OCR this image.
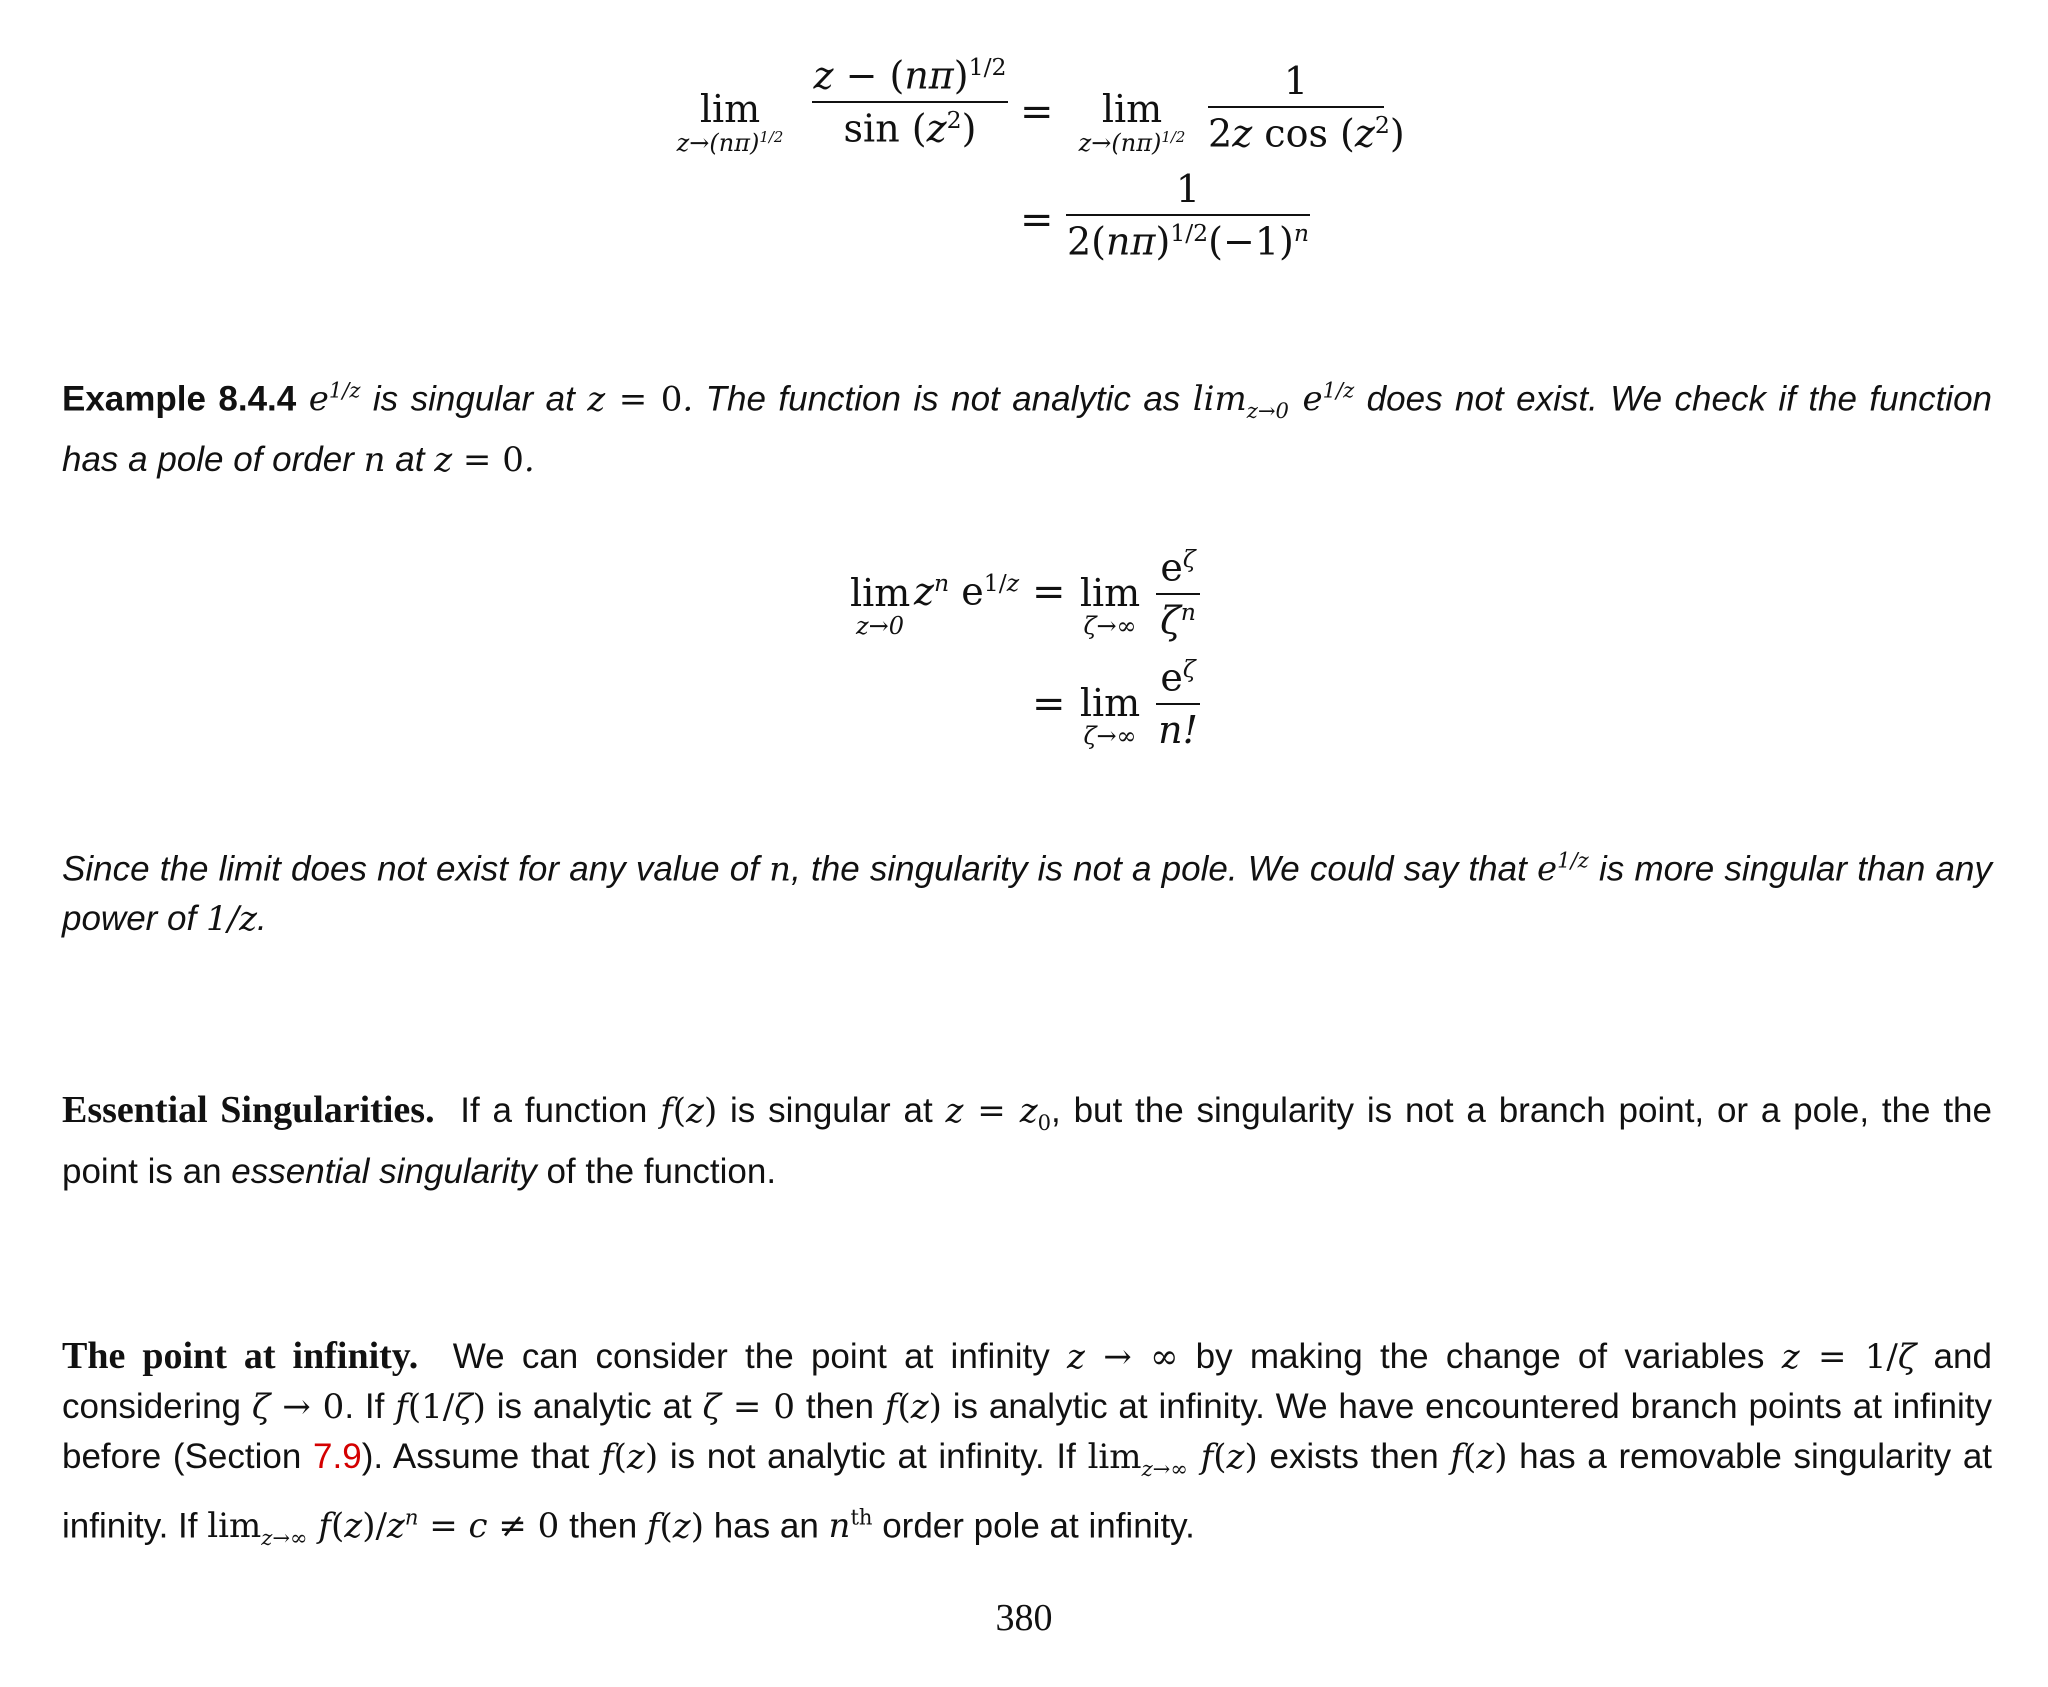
lim
$z\to(n\pi)^{1/2}$
$z - (n\pi)^{1/2}$
$\sin (z^2)$	=	lim
$z\to(n\pi)^{1/2}$
1
2z $\cos (z^2)$
=
1
$2(n\pi)^{1/2}(-1)^n$
Example 8.4.4 $e^{1/z}$ is singular at z = 0. The function is not analytic as $\lim_{z\to 0} e^{1/z}$ does not exist. We check if the function has a pole of order n at z = 0.
lim
z→0
$z^n$ $e^{1/z} = \lim$
ζ→∞
$e^\zeta$
$\zeta^n$
= lim
ζ→∞
$e^\zeta$
n!
Since the limit does not exist for any value of n, the singularity is not a pole. We could say that $e^{1/z}$ is more singular than any power of 1/z.
Essential Singularities. If a function f(z) is singular at $z = z_0$, but the singularity is not a branch point, or a pole, the the point is an essential singularity of the function.
The point at infinity. We can consider the point at infinity z → ∞ by making the change of variables z = 1/ζ and considering ζ → 0. If f(1/ζ) is analytic at ζ = 0 then f(z) is analytic at infinity. We have encountered branch points at infinity before (Section 7.9). Assume that f(z) is not analytic at infinity. If $\lim_{z\to\infty} f(z)$ exists then f(z) has a removable singularity at infinity. If $\lim_{z\to\infty} f(z)/z^n = c \ne 0$ then f(z) has an $n^{th}$ order pole at infinity.
380
